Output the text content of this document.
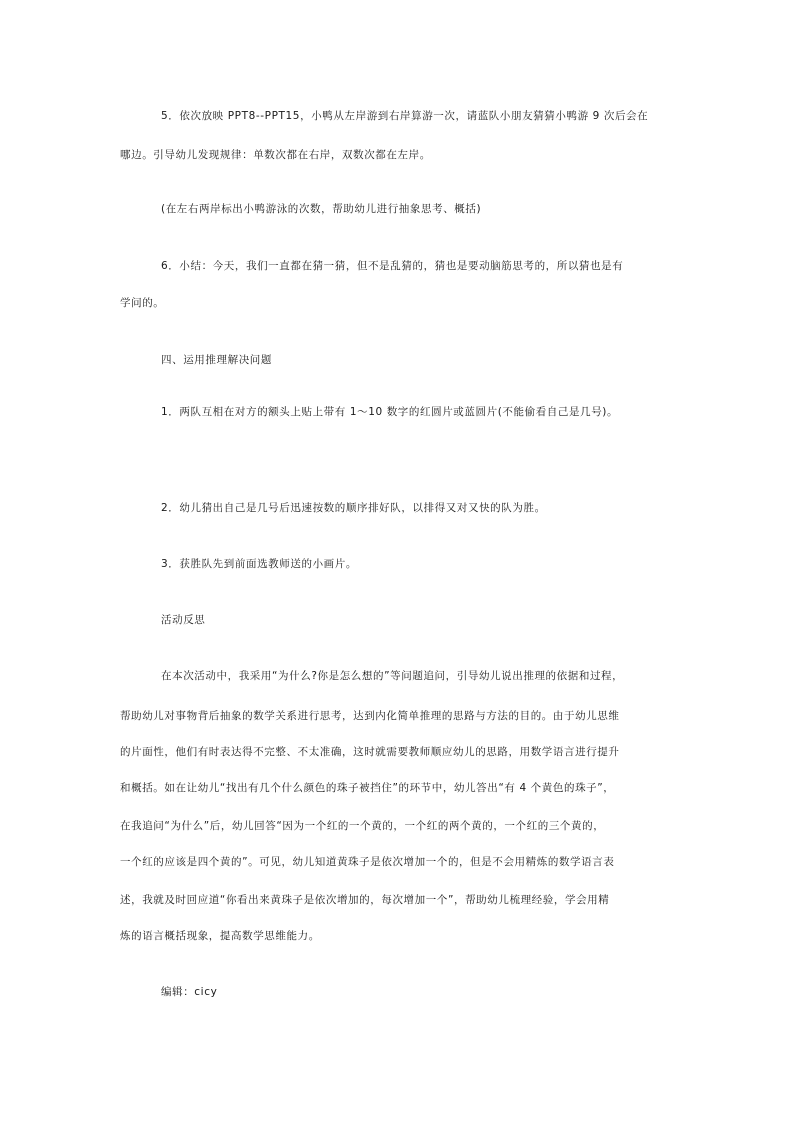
5．依次放映 PPT8--PPT15，小鸭从左岸游到右岸算游一次，请蓝队小朋友猜猜小鸭游 9 次后会在
哪边。引导幼儿发现规律：单数次都在右岸，双数次都在左岸。
(在左右两岸标出小鸭游泳的次数，帮助幼儿进行抽象思考、概括)
6．小结：今天，我们一直都在猜一猜，但不是乱猜的，猜也是要动脑筋思考的，所以猜也是有
学问的。
四、运用推理解决问题
1．两队互相在对方的额头上贴上带有 1～10 数字的红圆片或蓝圆片(不能偷看自己是几号)。
2．幼儿猜出自己是几号后迅速按数的顺序排好队，以排得又对又快的队为胜。
3．获胜队先到前面选教师送的小画片。
活动反思
在本次活动中，我采用“为什么?你是怎么想的”等问题追问，引导幼儿说出推理的依据和过程，
帮助幼儿对事物背后抽象的数学关系进行思考，达到内化简单推理的思路与方法的目的。由于幼儿思维
的片面性，他们有时表达得不完整、不太准确，这时就需要教师顺应幼儿的思路，用数学语言进行提升
和概括。如在让幼儿“找出有几个什么颜色的珠子被挡住”的环节中，幼儿答出“有 4 个黄色的珠子”，
在我追问“为什么”后，幼儿回答“因为一个红的一个黄的，一个红的两个黄的，一个红的三个黄的，
一个红的应该是四个黄的”。可见，幼儿知道黄珠子是依次增加一个的，但是不会用精炼的数学语言表
述，我就及时回应道“你看出来黄珠子是依次增加的，每次增加一个”，帮助幼儿梳理经验，学会用精
炼的语言概括现象，提高数学思维能力。
编辑：cicy
